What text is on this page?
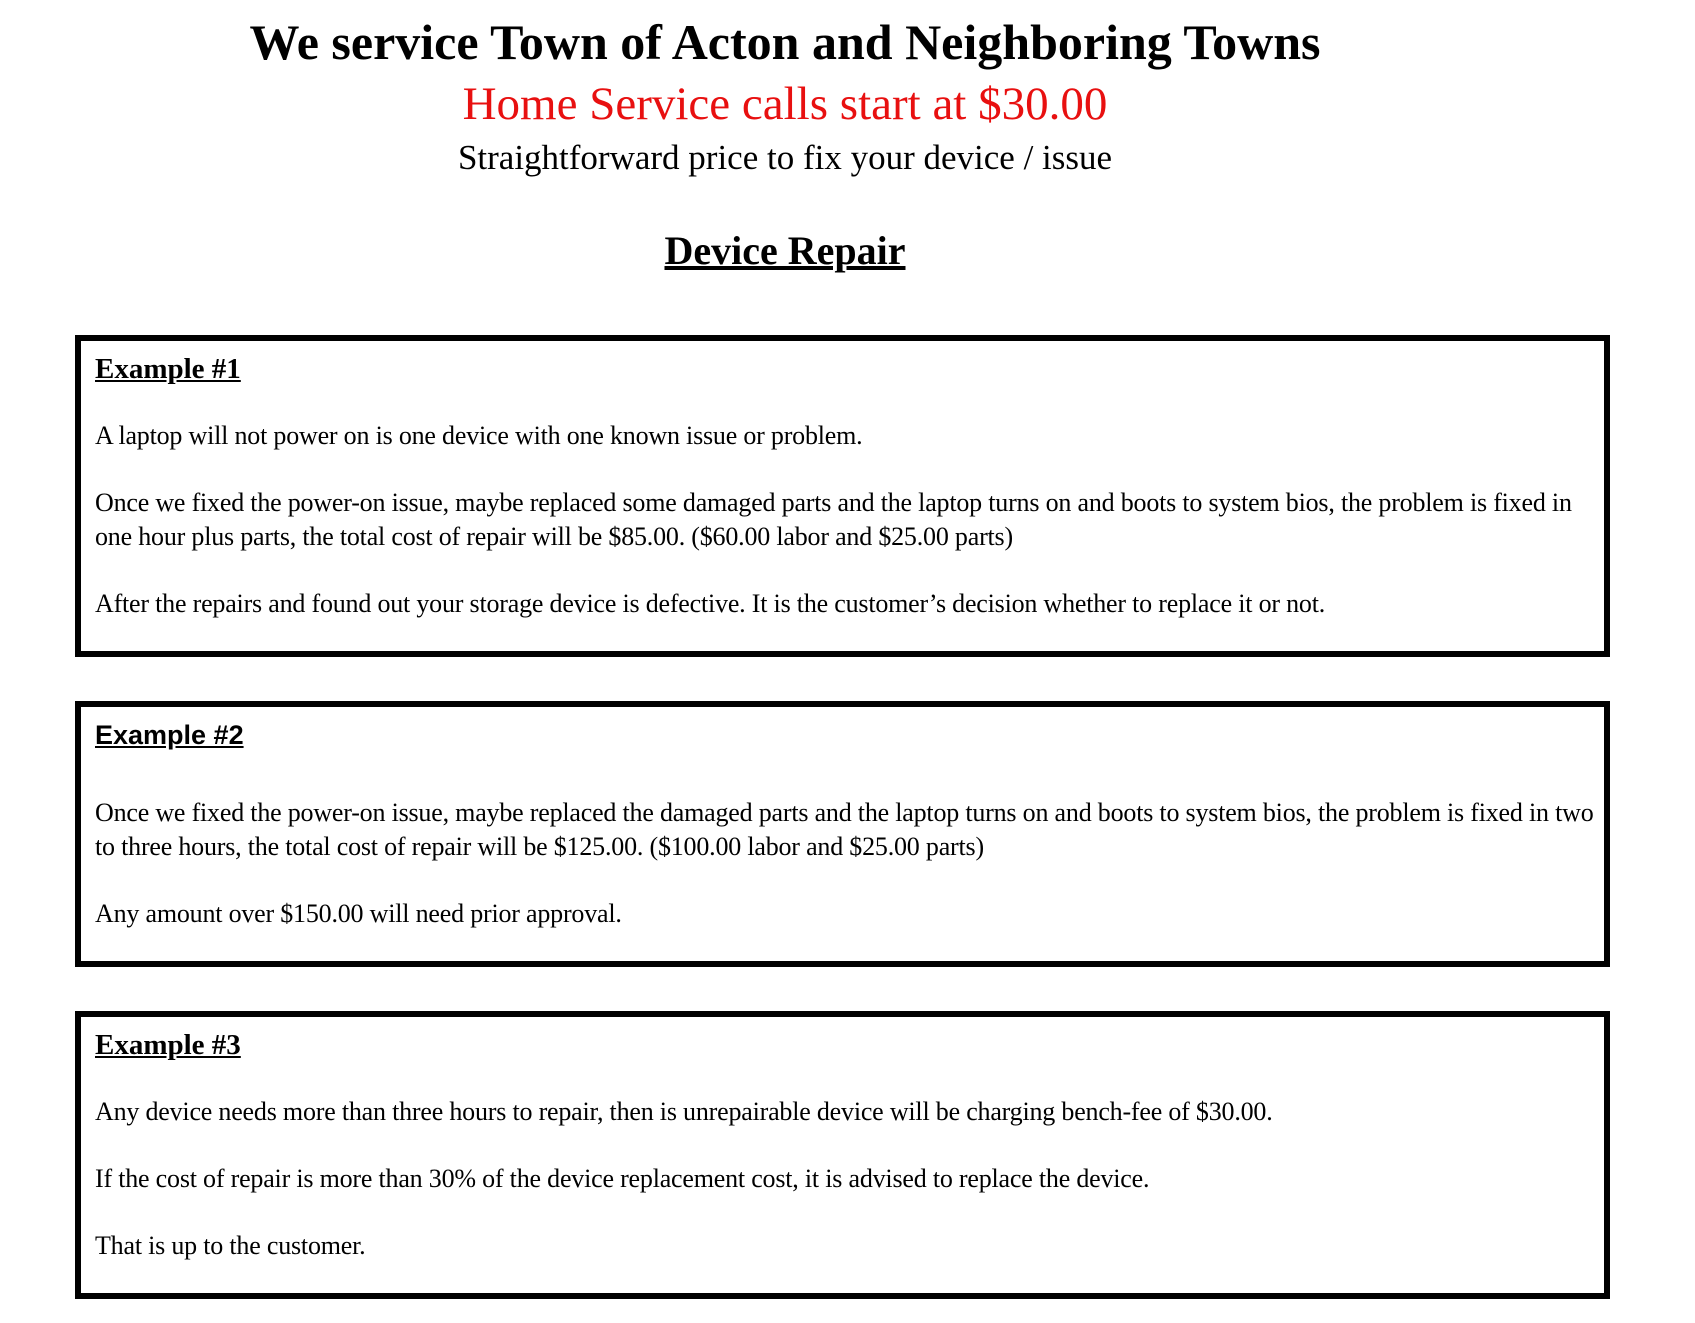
We service Town of Acton and Neighboring Towns
Home Service calls start at $30.00
Straightforward price to fix your device / issue
Device Repair
Example #1

A laptop will not power on is one device with one known issue or problem.

Once we fixed the power-on issue, maybe replaced some damaged parts and the laptop turns on and boots to system bios, the problem is fixed in one hour plus parts, the total cost of repair will be $85.00. ($60.00 labor and $25.00 parts)

After the repairs and found out your storage device is defective. It is the customer’s decision whether to replace it or not.

Example #2

Once we fixed the power-on issue, maybe replaced the damaged parts and the laptop turns on and boots to system bios, the problem is fixed in two to three hours, the total cost of repair will be $125.00. ($100.00 labor and $25.00 parts)

Any amount over $150.00 will need prior approval.

Example #3

Any device needs more than three hours to repair, then is unrepairable device will be charging bench-fee of $30.00.

If the cost of repair is more than 30% of the device replacement cost, it is advised to replace the device.

That is up to the customer.
